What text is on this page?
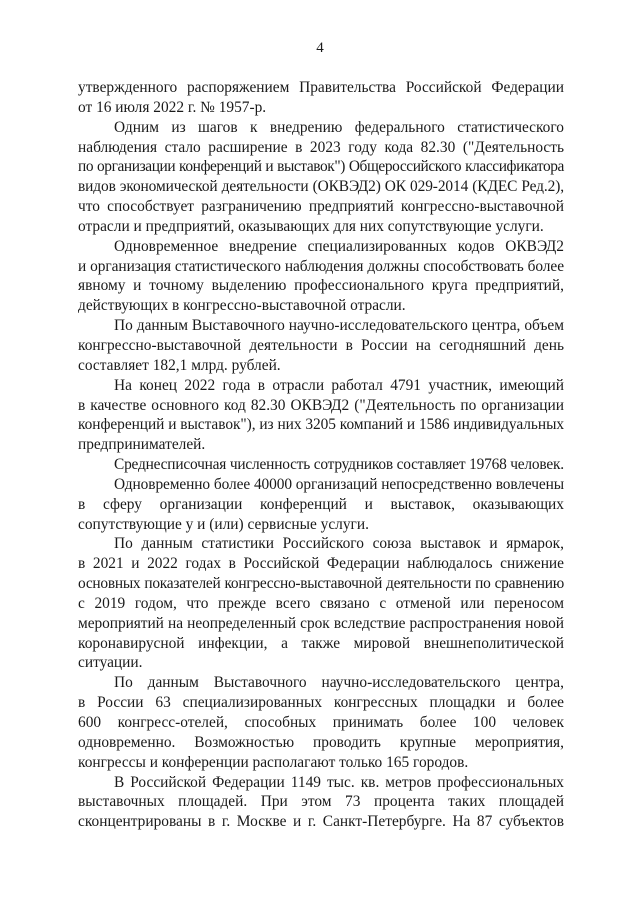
4
утвержденного распоряжением Правительства Российской Федерации
от 16 июля 2022 г. № 1957-р.
Одним из шагов к внедрению федерального статистического
наблюдения стало расширение в 2023 году кода 82.30 ("Деятельность
по организации конференций и выставок") Общероссийского классификатора
видов экономической деятельности (ОКВЭД2) ОК 029-2014 (КДЕС Ред.2),
что способствует разграничению предприятий конгрессно-выставочной
отрасли и предприятий, оказывающих для них сопутствующие услуги.
Одновременное внедрение специализированных кодов ОКВЭД2
и организация статистического наблюдения должны способствовать более
явному и точному выделению профессионального круга предприятий,
действующих в конгрессно-выставочной отрасли.
По данным Выставочного научно-исследовательского центра, объем
конгрессно-выставочной деятельности в России на сегодняшний день
составляет 182,1 млрд. рублей.
На конец 2022 года в отрасли работал 4791 участник, имеющий
в качестве основного код 82.30 ОКВЭД2 ("Деятельность по организации
конференций и выставок"), из них 3205 компаний и 1586 индивидуальных
предпринимателей.
Среднесписочная численность сотрудников составляет 19768 человек.
Одновременно более 40000 организаций непосредственно вовлечены
в сферу организации конференций и выставок, оказывающих
сопутствующие у и (или) сервисные услуги.
По данным статистики Российского союза выставок и ярмарок,
в 2021 и 2022 годах в Российской Федерации наблюдалось снижение
основных показателей конгрессно-выставочной деятельности по сравнению
с 2019 годом, что прежде всего связано с отменой или переносом
мероприятий на неопределенный срок вследствие распространения новой
коронавирусной инфекции, а также мировой внешнеполитической
ситуации.
По данным Выставочного научно-исследовательского центра,
в России 63 специализированных конгрессных площадки и более
600 конгресс-отелей, способных принимать более 100 человек
одновременно. Возможностью проводить крупные мероприятия,
конгрессы и конференции располагают только 165 городов.
В Российской Федерации 1149 тыс. кв. метров профессиональных
выставочных площадей. При этом 73 процента таких площадей
сконцентрированы в г. Москве и г. Санкт-Петербурге. На 87 субъектов
